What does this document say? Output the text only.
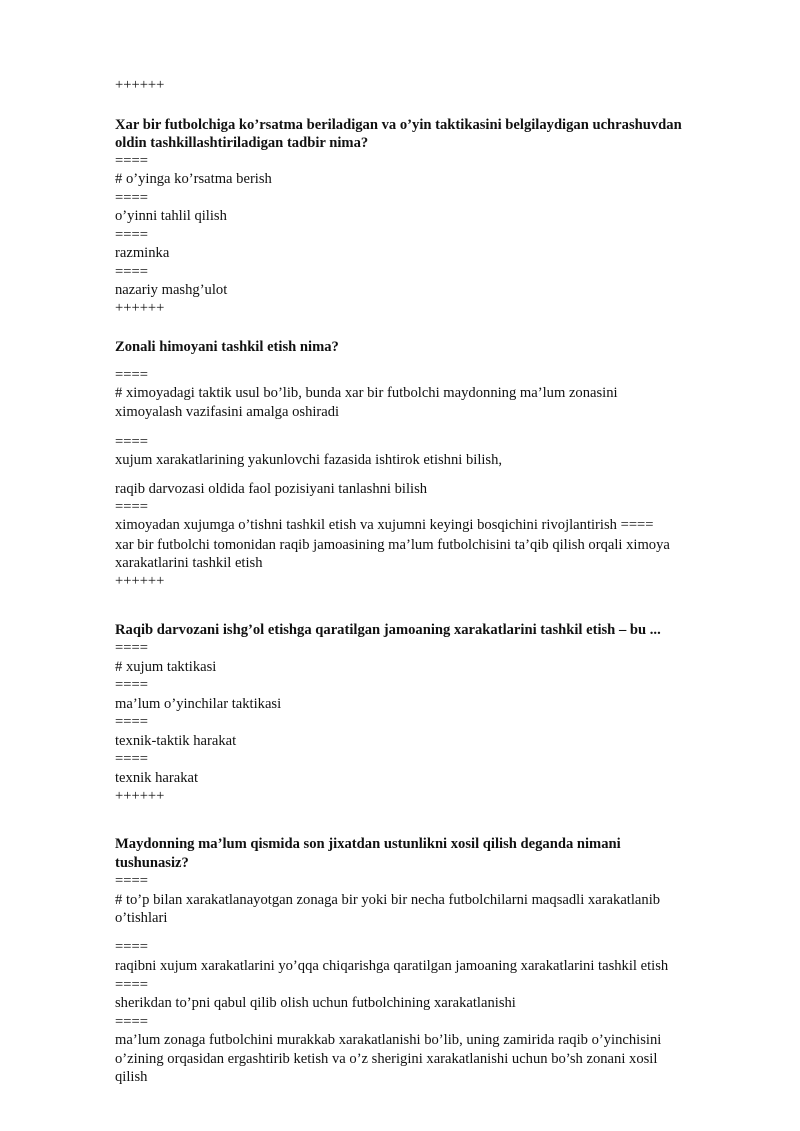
++++++
Xar bir futbolchiga ko’rsatma beriladigan va o’yin taktikasini belgilaydigan uchrashuvdan
oldin tashkillashtiriladigan tadbir nima?
====
# o’yinga ko’rsatma berish
====
o’yinni tahlil qilish
====
razminka
====
nazariy mashg’ulot
++++++
Zonali himoyani tashkil etish nima?
====
# ximoyadagi taktik usul bo’lib, bunda xar bir futbolchi maydonning ma’lum zonasini
ximoyalash vazifasini amalga oshiradi
====
xujum xarakatlarining yakunlovchi fazasida ishtirok etishni bilish,
raqib darvozasi oldida faol pozisiyani tanlashni bilish
====
ximoyadan xujumga o’tishni tashkil etish va xujumni keyingi bosqichini rivojlantirish ====
xar bir futbolchi tomonidan raqib jamoasining ma’lum futbolchisini ta’qib qilish orqali ximoya
xarakatlarini tashkil etish
++++++
Raqib darvozani ishg’ol etishga qaratilgan jamoaning xarakatlarini tashkil etish – bu ...
====
# xujum taktikasi
====
ma’lum o’yinchilar taktikasi
====
texnik-taktik harakat
====
texnik harakat
++++++
Maydonning ma’lum qismida son jixatdan ustunlikni xosil qilish deganda nimani
tushunasiz?
====
# to’p bilan xarakatlanayotgan zonaga bir yoki bir necha futbolchilarni maqsadli xarakatlanib
o’tishlari
====
raqibni xujum xarakatlarini yo’qqa chiqarishga qaratilgan jamoaning xarakatlarini tashkil etish
====
sherikdan to’pni qabul qilib olish uchun futbolchining xarakatlanishi
====
ma’lum zonaga futbolchini murakkab xarakatlanishi bo’lib, uning zamirida raqib o’yinchisini
o’zining orqasidan ergashtirib ketish va o’z sherigini xarakatlanishi uchun bo’sh zonani xosil
qilish
